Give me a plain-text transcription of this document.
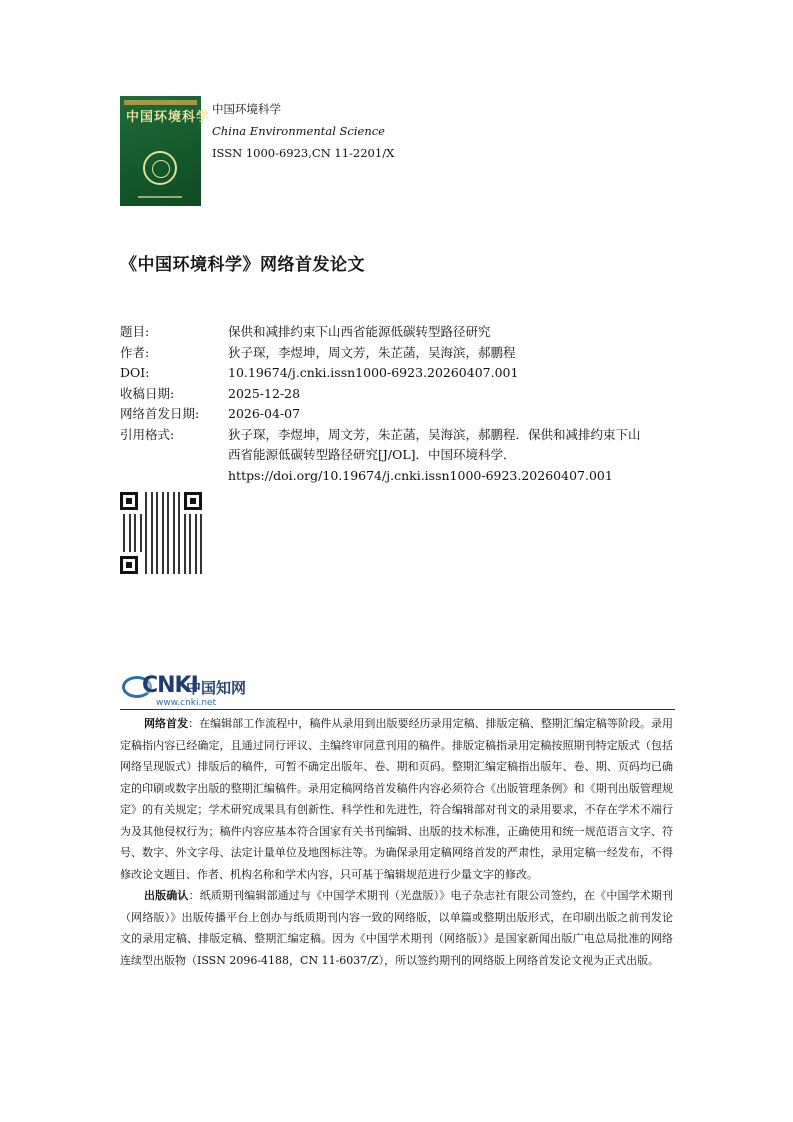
中国环境科学
中国环境科学
China Environmental Science
ISSN 1000-6923,CN 11-2201/X
《中国环境科学》网络首发论文
题目:	保供和减排约束下山西省能源低碳转型路径研究
作者:	狄子琛，李煜坤，周文芳，朱芷菡，吴海滨，郝鹏程
DOI:	10.19674/j.cnki.issn1000-6923.20260407.001
收稿日期:	2025-12-28
网络首发日期: 2026-04-07
引用格式:	狄子琛，李煜坤，周文芳，朱芷菡，吴海滨，郝鹏程．保供和减排约束下山
西省能源低碳转型路径研究[J/OL]．中国环境科学．
https://doi.org/10.19674/j.cnki.issn1000-6923.20260407.001
CNKI
中国知网
www.cnki.net

网络首发：在编辑部工作流程中，稿件从录用到出版要经历录用定稿、排版定稿、整期汇编定稿等阶段。录用定稿指内容已经确定，且通过同行评议、主编终审同意刊用的稿件。排版定稿指录用定稿按照期刊特定版式（包括网络呈现版式）排版后的稿件，可暂不确定出版年、卷、期和页码。整期汇编定稿指出版年、卷、期、页码均已确定的印刷或数字出版的整期汇编稿件。录用定稿网络首发稿件内容必须符合《出版管理条例》和《期刊出版管理规定》的有关规定；学术研究成果具有创新性、科学性和先进性，符合编辑部对刊文的录用要求，不存在学术不端行为及其他侵权行为；稿件内容应基本符合国家有关书刊编辑、出版的技术标准，正确使用和统一规范语言文字、符号、数字、外文字母、法定计量单位及地图标注等。为确保录用定稿网络首发的严肃性，录用定稿一经发布，不得修改论文题目、作者、机构名称和学术内容，只可基于编辑规范进行少量文字的修改。

出版确认：纸质期刊编辑部通过与《中国学术期刊（光盘版）》电子杂志社有限公司签约，在《中国学术期刊（网络版）》出版传播平台上创办与纸质期刊内容一致的网络版，以单篇或整期出版形式，在印刷出版之前刊发论文的录用定稿、排版定稿、整期汇编定稿。因为《中国学术期刊（网络版）》是国家新闻出版广电总局批准的网络连续型出版物（ISSN 2096-4188，CN 11-6037/Z），所以签约期刊的网络版上网络首发论文视为正式出版。
